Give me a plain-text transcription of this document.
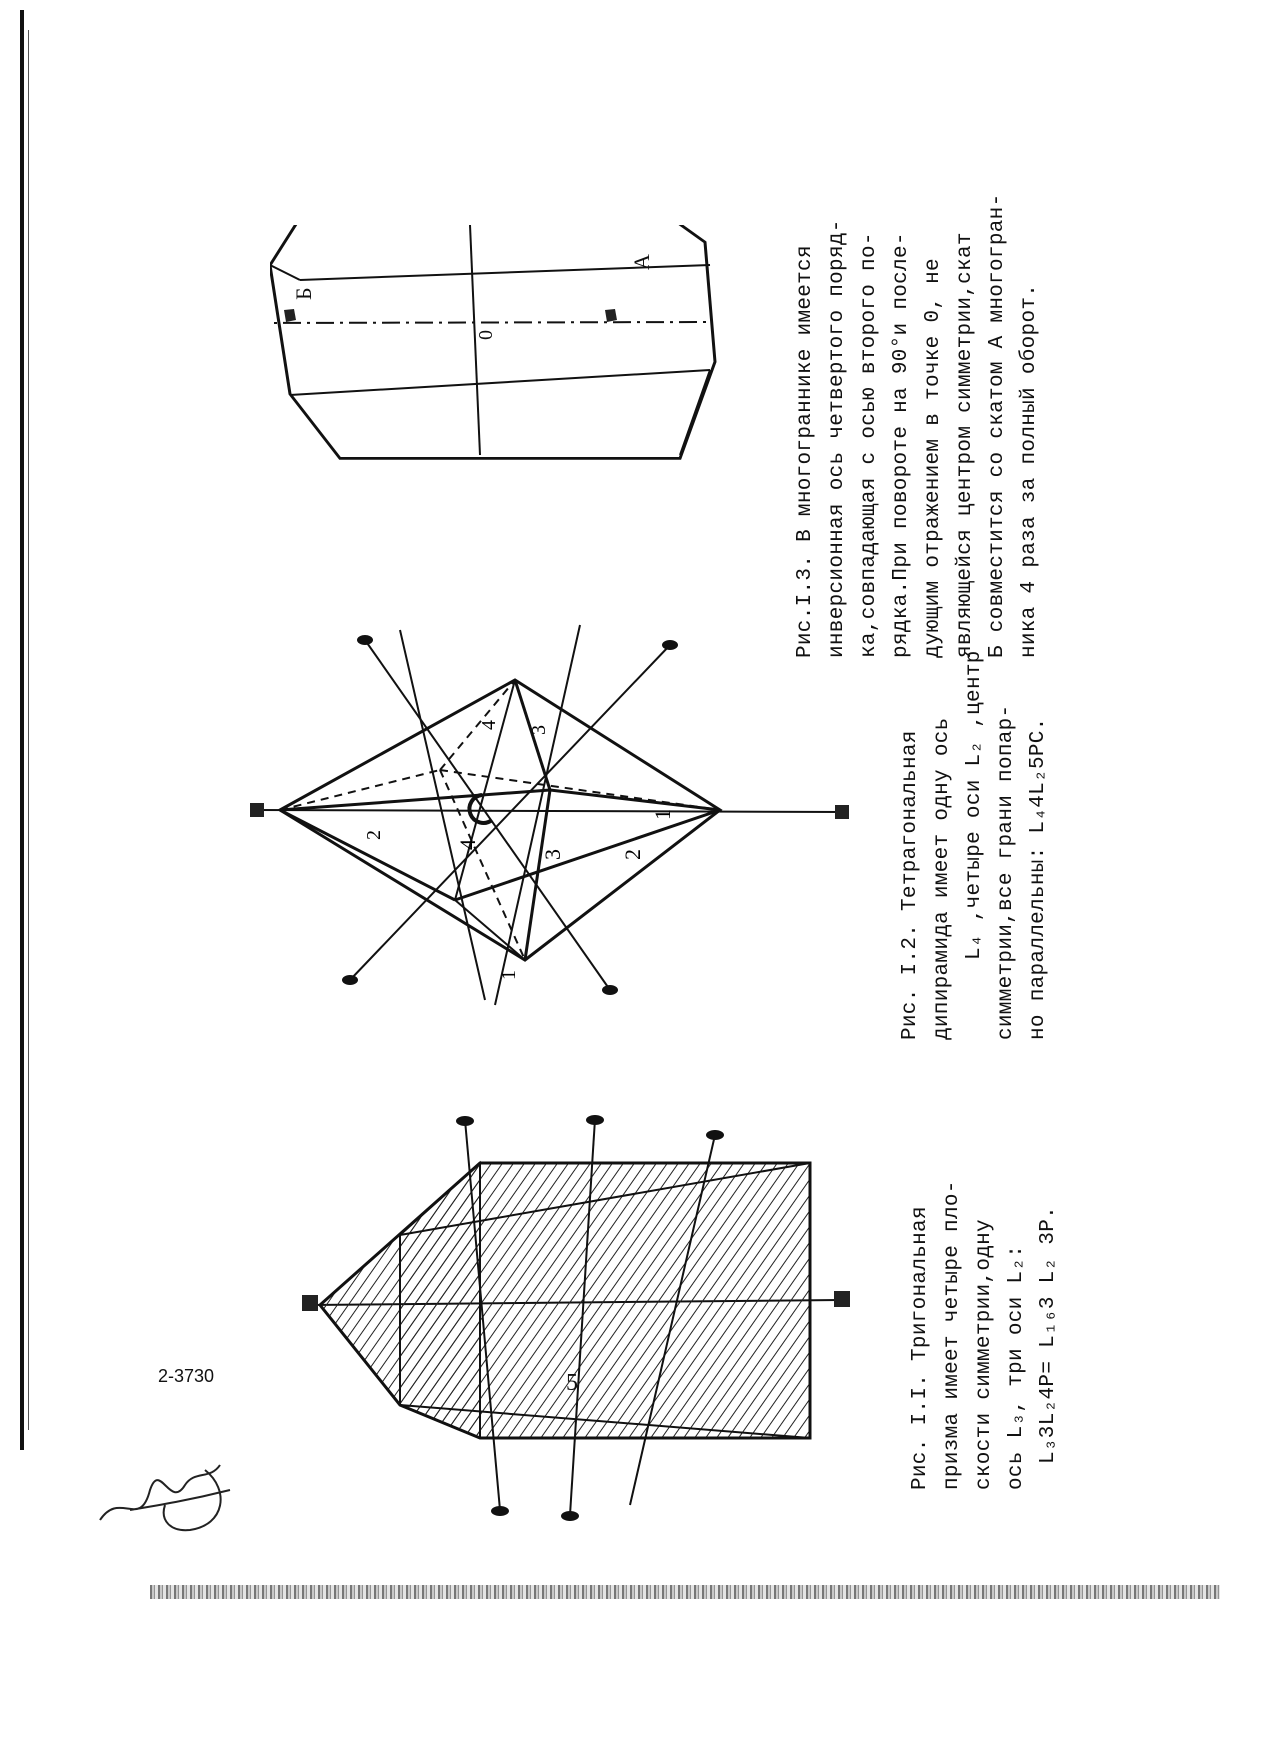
1
2
3
4
1
2
3
4
Б
А
0
Рис. I.I. Тригональная призма имеет четыре пло- скости симметрии,одну ось L₃, три оси L₂: L₃3L₂4P= L₁₆3 L₂ 3P.
Рис. I.2. Тетрагональная дипирамида имеет одну ось L₄ ,четыре оси L₂ ,центр симметрии,все грани попар- но параллельны: L₄4L₂5PC.
Рис.I.3. В многограннике имеется инверсионная ось четвертого поряд- ка,совпадающая с осью второго по- рядка.При повороте на 90°и после- дующим отражением в точке 0, не являющейся центром симметрии,скат Б совместится со скатом А многогран- ника 4 раза за полный оборот.
2-3730	5
